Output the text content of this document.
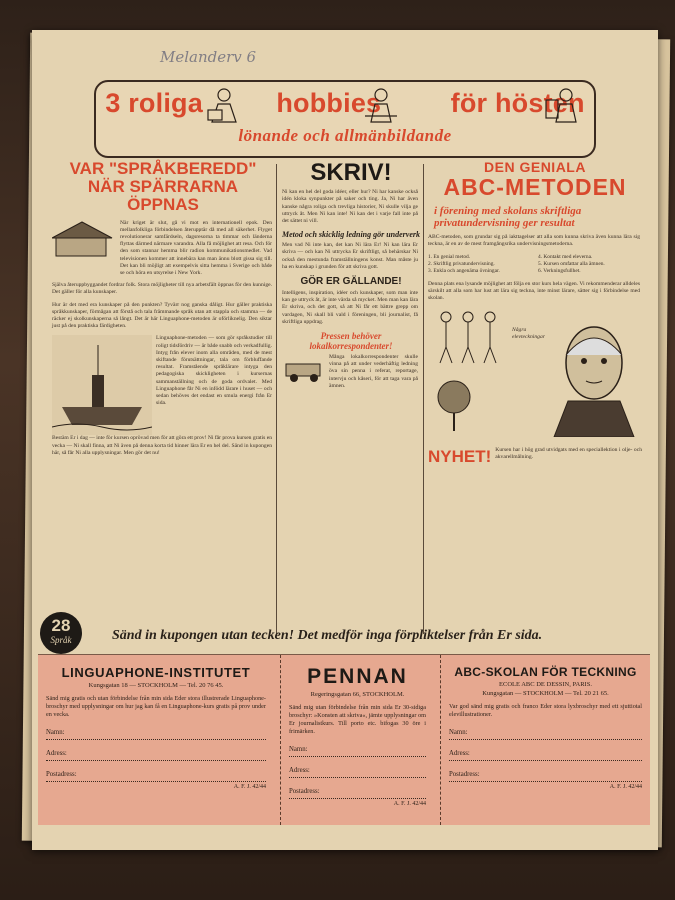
Melanderv 6
3 roliga	hobbies	för hösten
lönande och allmänbildande

VAR "SPRÅKBEREDD"

NÄR SPÄRRARNA ÖPPNAS

När kriget är slut, gå vi mot en internationell epok. Den mellanfolkliga förbindelsen återupptär då med all säkerhet. Flyget revolutionerar samfärdseln, dagsresorna ta timmar och länderna flyttas därmed närmare varandra. Alla få möjlighet att resa. Och för den som stannar hemma blir radion kommunikationsmedlet. Vad televisionen kommer att innebära kan man ännu blott gissa sig till. Det kan bli möjligt att exempelvis sitta hemma i Sverige och både se och höra en utsyrelse i New York.

Själva återuppbyggandet fordrar folk. Stora möjligheter till nya arbetsfält öppnas för den kunnige. Det gäller för alla kunskaper.

Hur är det med era kunskaper på den punkten? Tyvärr nog ganska dåligt. Hur gäller praktiska språkkunskaper, förmågan att förstå och tala främmande språk utan att stappla och stamma — de räcker ej skolkunskaperna så långt. Det är här Linguaphone-metoden är oförliknelig. Den siktar just på den praktiska färdigheten.

Linguaphone-metoden — som gör språkstudier till roligt tidsfördriv — är både snabb och verkadfullig. Intyg från elever inom alla områden, med de mest skiftande förutsättningar, tala om förbluffande resultat. Framstående språklärare intyga den pedagogiska skickligheten i kursernas sammanställning och de goda ordvalet. Med Linguaphone får Ni en infödd lärare i huset — och sedan behöves det endast en smula energi från Er sida.

Bestäm Er i dag — inte för kursen oprövad men för att göra ett prov! Ni får prova kursen gratis en vecka — Ni skall finna, att Ni även på denna korta tid hinner lära Er en hel del. Sänd in kupongen här, så får Ni alla upplysningar. Men gör det nu!

SKRIV!

Ni kan en hel del goda idéer, eller hur? Ni har kanske också idén kloka synpunkter på saker och ting. Ja, Ni har även kanske några roliga och trevliga historier, Ni skulle vilja ge uttryck åt. Men Ni kan inte! Ni kan det i varje fall inte på det sättet ni vill.

Metod och skicklig ledning gör underverk

Men vad Ni inte kan, det kan Ni lära Er! Ni kan lära Er skriva — och kan Ni uttrycka Er skriftligt, så behärskar Ni också den mestunda framställningens konst. Man måste ju ha en kunskap i grunden för att skriva gott.

GÖR ER GÄLLANDE!

Intelligens, inspiration, idéer och kunskaper, som man inte kan ge uttryck åt, är inte värda så mycket. Men man kan lära Er skriva, och det gott, så att Ni får ett bättre grepp om vardagen, Ni skall bli vald i föreningen, bli journalist, få skriftliga uppdrag.

Pressen behöver lokalkorrespondenter!

Många lokalkorrespondenter skulle vinna på att under vederhäftig ledning öva sin penna i referat, reportage, intervju och kåseri, för att taga vara på ämnen.

DEN GENIALA

ABC-METODEN

i förening med skolans skriftliga privatundervisning ger resultat

ABC-metoden, som grundar sig på iakttagelser att alla som kunna skriva även kunna lära sig teckna, är en av de mest framgångsrika undervisningsmetoderna.

1. En genial metod.	4. Kontakt med eleverna.
2. Skriftlig privatundervisning.	5. Kursen omfattar alla ämnen.
3. Enkla och angenäma övningar.	6. Verkningsfullhet.

Denna plats ena lysande möjlighet att följa en stor kurs hela vägen. Vi rekommenderar alldeles särskilt att alla som har lust att lära sig teckna, inte minst lärare, sätter sig i förbindelse med skolan.

Några elevteckningar
NYHET! Kursen har i hög grad utvidgats med en speciallektion i olje- och akvarellmålning.

28
Språk	Sänd in kupongen utan tecken! Det medför inga förpliktelser från Er sida.
LINGUAPHONE-INSTITUTET
Kungsgatan 18 — STOCKHOLM — Tel. 20 76 45.
Sänd mig gratis och utan förbindelse från min sida Eder stora illustrerade Linguaphone-broschyr med upplysningar om hur jag kan få en Linguaphone-kurs gratis på prov under en vecka.
Namn:
Adress:
Postadress:
A. F. J. 42/44
PENNAN
Regeringsgatan 66, STOCKHOLM.
Sänd mig utan förbindelse från min sida Er 30-sidiga broschyr: »Konsten att skriva«, jämte upplysningar om Er journalistkurs. Till porto etc. bifogas 30 öre i frimärken.
Namn:
Adress:
Postadress:
A. F. J. 42/44
ABC-SKOLAN FÖR TECKNING
ECOLE ABC DE DESSIN, PARIS.
Kungsgatan — STOCKHOLM — Tel. 20 21 65.
Var god sänd mig gratis och franco Eder stora lyxbroschyr med ett sjuttiotal elevillustrationer.
Namn:
Adress:
Postadress:
A. F. J. 42/44
